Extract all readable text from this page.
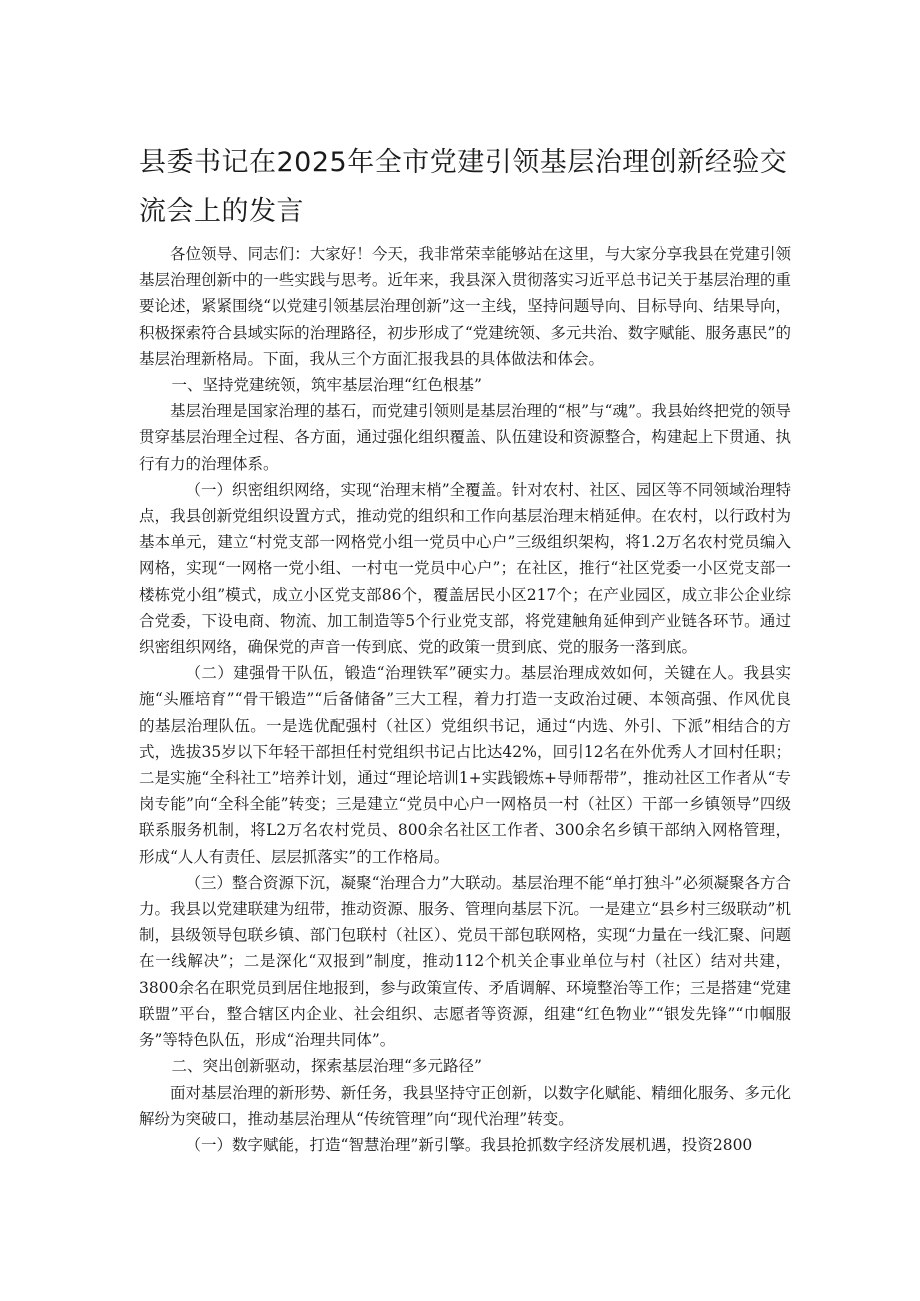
县委书记在2025年全市党建引领基层治理创新经验交流会上的发言

各位领导、同志们：大家好！今天，我非常荣幸能够站在这里，与大家分享我县在党建引领基层治理创新中的一些实践与思考。近年来，我县深入贯彻落实习近平总书记关于基层治理的重要论述，紧紧围绕“以党建引领基层治理创新”这一主线，坚持问题导向、目标导向、结果导向，积极探索符合县域实际的治理路径，初步形成了“党建统领、多元共治、数字赋能、服务惠民”的基层治理新格局。下面，我从三个方面汇报我县的具体做法和体会。

一、坚持党建统领，筑牢基层治理“红色根基”

基层治理是国家治理的基石，而党建引领则是基层治理的“根”与“魂”。我县始终把党的领导贯穿基层治理全过程、各方面，通过强化组织覆盖、队伍建设和资源整合，构建起上下贯通、执行有力的治理体系。

（一）织密组织网络，实现“治理末梢”全覆盖。针对农村、社区、园区等不同领域治理特点，我县创新党组织设置方式，推动党的组织和工作向基层治理末梢延伸。在农村，以行政村为基本单元，建立“村党支部一网格党小组一党员中心户”三级组织架构，将1.2万名农村党员编入网格，实现“一网格一党小组、一村屯一党员中心户”；在社区，推行“社区党委一小区党支部一楼栋党小组”模式，成立小区党支部86个，覆盖居民小区217个；在产业园区，成立非公企业综合党委，下设电商、物流、加工制造等5个行业党支部，将党建触角延伸到产业链各环节。通过织密组织网络，确保党的声音一传到底、党的政策一贯到底、党的服务一落到底。

（二）建强骨干队伍，锻造“治理铁军”硬实力。基层治理成效如何，关键在人。我县实施“头雁培育”“骨干锻造”“后备储备”三大工程，着力打造一支政治过硬、本领高强、作风优良的基层治理队伍。一是选优配强村（社区）党组织书记，通过“内选、外引、下派”相结合的方式，选拔35岁以下年轻干部担任村党组织书记占比达42%，回引12名在外优秀人才回村任职；二是实施“全科社工”培养计划，通过“理论培训1+实践锻炼+导师帮带”，推动社区工作者从“专岗专能”向“全科全能”转变；三是建立“党员中心户一网格员一村（社区）干部一乡镇领导”四级联系服务机制，将L2万名农村党员、800余名社区工作者、300余名乡镇干部纳入网格管理，形成“人人有责任、层层抓落实”的工作格局。

（三）整合资源下沉，凝聚“治理合力”大联动。基层治理不能“单打独斗”必须凝聚各方合力。我县以党建联建为纽带，推动资源、服务、管理向基层下沉。一是建立“县乡村三级联动”机制，县级领导包联乡镇、部门包联村（社区）、党员干部包联网格，实现“力量在一线汇聚、问题在一线解决”；二是深化“双报到”制度，推动112个机关企事业单位与村（社区）结对共建，3800余名在职党员到居住地报到，参与政策宣传、矛盾调解、环境整治等工作；三是搭建“党建联盟”平台，整合辖区内企业、社会组织、志愿者等资源，组建“红色物业”“银发先锋”“巾帼服务”等特色队伍，形成“治理共同体”。

二、突出创新驱动，探索基层治理“多元路径”

面对基层治理的新形势、新任务，我县坚持守正创新，以数字化赋能、精细化服务、多元化解纷为突破口，推动基层治理从“传统管理”向“现代治理”转变。

（一）数字赋能，打造“智慧治理”新引擎。我县抢抓数字经济发展机遇，投资2800
